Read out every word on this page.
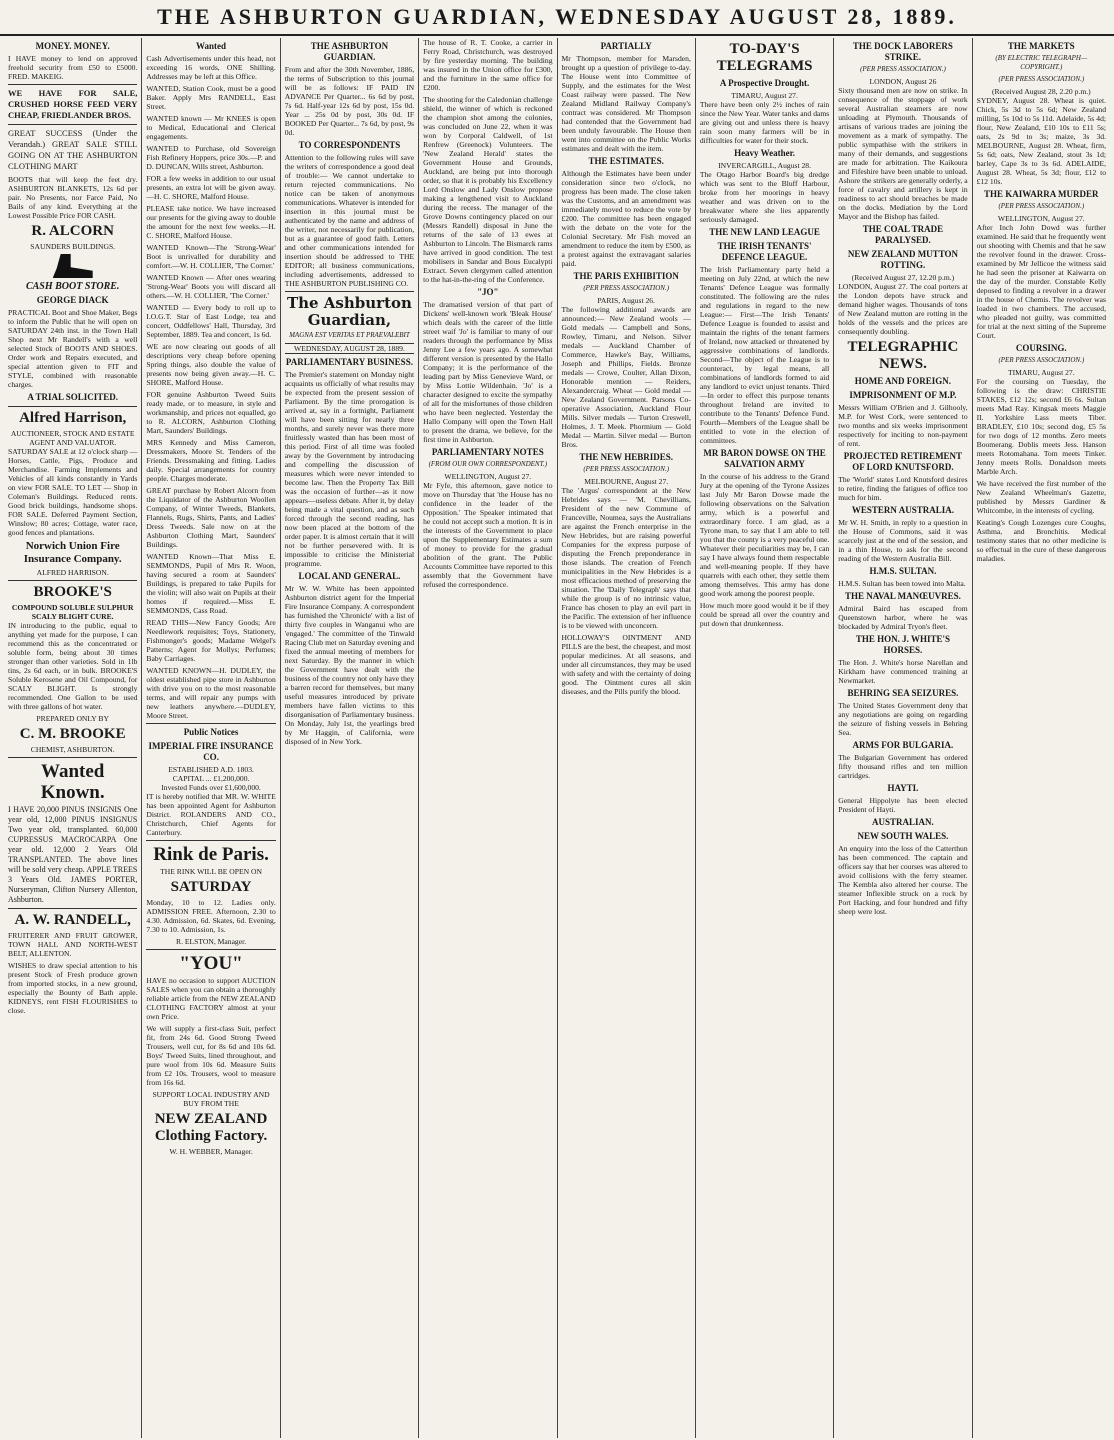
THE ASHBURTON GUARDIAN, WEDNESDAY AUGUST 28, 1889.
MONEY. MONEY.

I HAVE money to lend on approved freehold security from £50 to £5000. FRED. MAKEIG.

WE HAVE FOR SALE, CRUSHED HORSE FEED VERY CHEAP, FRIEDLANDER BROS.

GREAT SUCCESS (Under the Verandah.) GREAT SALE STILL GOING ON AT THE ASHBURTON CLOTHING MART

BOOTS that will keep the feet dry. ASHBURTON BLANKETS, 12s 6d per pair. No Presents, nor Farce Paid, No Bails of any kind. Everything at the Lowest Possible Price FOR CASH.

R. ALCORN
SAUNDERS BUILDINGS.
CASH BOOT STORE.
GEORGE DIACK

PRACTICAL Boot and Shoe Maker, Begs to inform the Public that he will open on SATURDAY 24th inst. in the Town Hall Shop next Mr Randell's with a well selected Stock of BOOTS AND SHOES. Order work and Repairs executed, and special attention given to FIT and STYLE, combined with reasonable charges.

A TRIAL SOLICITED.
Alfred Harrison,
AUCTIONEER, STOCK AND ESTATE AGENT AND VALUATOR.

SATURDAY SALE at 12 o'clock sharp — Horses, Cattle, Pigs, Produce and Merchandise. Farming Implements and Vehicles of all kinds constantly in Yards on view FOR SALE. TO LET — Shop in Coleman's Buildings. Reduced rents. Good brick buildings, handsome shops. FOR SALE. Deferred Payment Section, Winslow; 80 acres; Cottage, water race, good fences and plantations.

Norwich Union Fire Insurance Company.
ALFRED HARRISON.
BROOKE'S
COMPOUND SOLUBLE SULPHUR SCALY BLIGHT CURE.

IN introducing to the public, equal to anything yet made for the purpose, I can recommend this as the concentrated or soluble form, being about 30 times stronger than other varieties. Sold in 1lb tins, 2s 6d each, or in bulk. BROOKE'S Soluble Kerosene and Oil Compound, for SCALY BLIGHT. Is strongly recommended. One Gallon to be used with three gallons of hot water.

PREPARED ONLY BY
C. M. BROOKE
CHEMIST, ASHBURTON.
Wanted Known.

I HAVE 20,000 PINUS INSIGNIS One year old, 12,000 PINUS INSIGNUS Two year old, transplanted. 60,000 CUPRESSUS MACROCARPA One year old. 12,000 2 Years Old TRANSPLANTED. The above lines will be sold very cheap. APPLE TREES 3 Years Old. JAMES PORTER, Nurseryman, Clifton Nursery Allenton, Ashburton.

A. W. RANDELL,

FRUITERER AND FRUIT GROWER, TOWN HALL AND NORTH-WEST BELT, ALLENTON.

WISHES to draw special attention to his present Stock of Fresh produce grown from imported stocks, in a new ground, especially the Bounty of Bath apple. KIDNEYS, rent FISH FLOURISHES to close.

Wanted

Cash Advertisements under this head, not exceeding 16 words, ONE Shilling. Addresses may be left at this Office.

WANTED, Station Cook, must be a good Baker. Apply Mrs RANDELL, East Street.

WANTED known — Mr KNEES is open to Medical, Educational and Clerical engagements.

WANTED to Purchase, old Sovereign Fish Refinery Hoppers, price 30s.—P. and D. DUNCAN, Wills street, Ashburton.

FOR a few weeks in addition to our usual presents, an extra lot will be given away.—H. C. SHORE, Malford House.

PLEASE take notice. We have increased our presents for the giving away to double the amount for the next few weeks.—H. C. SHORE, Malford House.

WANTED Known—The 'Strong-Wear' Boot is unrivalled for durability and comfort.—W. H. COLLIER, 'The Corner.'

WANTED Known — After ones wearing 'Strong-Wear' Boots you will discard all others.—W. H. COLLIER, 'The Corner.'

WANTED — Every body to roll up to I.O.G.T. Star of East Lodge, tea and concert, Oddfellows' Hall, Thursday, 3rd September, 1889. Tea and concert, 1s 6d.

WE are now clearing out goods of all descriptions very cheap before opening Spring things, also double the value of presents now being given away.—H. C. SHORE, Malford House.

FOR genuine Ashburton Tweed Suits ready made, or to measure, in style and workmanship, and prices not equalled, go to R. ALCORN, Ashburton Clothing Mart, Saunders' Buildings.

MRS Kennedy and Miss Cameron, Dressmakers, Moore St. Tenders of the Friends. Dressmaking and fitting. Ladies daily. Special arrangements for country people. Charges moderate.

GREAT purchase by Robert Alcorn from the Liquidator of the Ashburton Woollen Company, of Winter Tweeds, Blankets, Flannels, Rugs, Shirts, Pants, and Ladies' Dress Tweeds. Sale now on at the Ashburton Clothing Mart, Saunders' Buildings.

WANTED Known—That Miss E. SEMMONDS, Pupil of Mrs R. Woon, having secured a room at Saunders' Buildings, is prepared to take Pupils for the violin; will also wait on Pupils at their homes if required.—Miss E. SEMMONDS, Cass Road.

READ THIS—New Fancy Goods; Are Needlework requisites; Toys, Stationery, Fishmonger's goods; Madame Welgel's Patterns; Agent for Mollys; Perfumes; Baby Carriages.

WANTED KNOWN—H. DUDLEY, the oldest established pipe store in Ashburton with drive you on to the most reasonable terms, and will repair any pumps with new leathers anywhere.—DUDLEY, Moore Street.

Public Notices
IMPERIAL FIRE INSURANCE CO.
ESTABLISHED A.D. 1803.
CAPITAL ... £1,200,000.
Invested Funds over £1,600,000.

IT is hereby notified that MR. W. WHITE has been appointed Agent for Ashburton District. ROLANDERS AND CO., Christchurch, Chief Agents for Canterbury.

Rink de Paris.
THE RINK WILL BE OPEN ON
SATURDAY

Monday, 10 to 12. Ladies only. ADMISSION FREE. Afternoon, 2.30 to 4.30. Admission, 6d. Skates, 6d. Evening, 7.30 to 10. Admission, 1s.

R. ELSTON, Manager.
"YOU"

HAVE no occasion to support AUCTION SALES when you can obtain a thoroughly reliable article from the NEW ZEALAND CLOTHING FACTORY almost at your own Price.

We will supply a first-class Suit, perfect fit, from 24s 6d. Good Strong Tweed Trousers, well cut, for 8s 6d and 10s 6d. Boys' Tweed Suits, lined throughout, and pure wool from 10s 6d. Measure Suits from £2 10s. Trousers, wool to measure from 16s 6d.

SUPPORT LOCAL INDUSTRY AND BUY FROM THE
NEW ZEALAND Clothing Factory.
W. H. WEBBER, Manager.
THE ASHBURTON GUARDIAN.

From and after the 30th November, 1886, the terms of Subscription to this journal will be as follows: IF PAID IN ADVANCE Per Quarter... 6s 6d by post, 7s 6d. Half-year 12s 6d by post, 15s 0d. Year ... 25s 0d by post, 30s 0d. IF BOOKED Per Quarter... 7s 6d, by post, 9s 0d.

TO CORRESPONDENTS

Attention to the following rules will save the writers of correspondence a good deal of trouble:— We cannot undertake to return rejected communications. No notice can be taken of anonymous communications. Whatever is intended for insertion in this journal must be authenticated by the name and address of the writer, not necessarily for publication, but as a guarantee of good faith. Letters and other communications intended for insertion should be addressed to THE EDITOR; all business communications, including advertisements, addressed to THE ASHBURTON PUBLISHING CO.

The Ashburton Guardian,
MAGNA EST VERITAS ET PRAEVALEBIT
WEDNESDAY, AUGUST 28, 1889.
PARLIAMENTARY BUSINESS.

The Premier's statement on Monday night acquaints us officially of what results may be expected from the present session of Parliament. By the time prorogation is arrived at, say in a fortnight, Parliament will have been sitting for nearly three months, and surely never was there more fruitlessly wasted than has been most of this period. First of all time was fooled away by the Government by introducing and compelling the discussion of measures which were never intended to become law. Then the Property Tax Bill was the occasion of further—as it now appears—useless debate. After it, by delay being made a vital question, and as such forced through the second reading, has now been placed at the bottom of the order paper. It is almost certain that it will not be further persevered with. It is impossible to criticise the Ministerial programme.

LOCAL AND GENERAL.

Mr W. W. White has been appointed Ashburton district agent for the Imperial Fire Insurance Company. A correspondent has furnished the 'Chronicle' with a list of thirty five couples in Wanganui who are 'engaged.' The committee of the Tinwald Racing Club met on Saturday evening and fixed the annual meeting of members for next Saturday. By the manner in which the Government have dealt with the business of the country not only have they a barren record for themselves, but many useful measures introduced by private members have fallen victims to this disorganisation of Parliamentary business. On Monday, July 1st, the yearlings bred by Mr Haggin, of California, were disposed of in New York.

The house of R. T. Cooke, a carrier in Ferry Road, Christchurch, was destroyed by fire yesterday morning. The building was insured in the Union office for £300, and the furniture in the same office for £200.

The shooting for the Caledonian challenge shield, the winner of which is reckoned the champion shot among the colonies, was concluded on June 22, when it was won by Corporal Caldwell, of 1st Renfrew (Greenock) Volunteers. The 'New Zealand Herald' states the Government House and Grounds, Auckland, are being put into thorough order, so that it is probably his Excellency Lord Onslow and Lady Onslow propose making a lengthened visit to Auckland during the recess. The manager of the Grove Downs contingency placed on our (Messrs Randell) disposal in June the returns of the sale of 13 ewes at Ashburton to Lincoln. The Bismarck rams have arrived in good condition. The test mobilisers in Sandar and Bous Eucalypti Extract. Seven clergymen called attention to the hat-in-the-ring of the Conference.

"JO"

The dramatised version of that part of Dickens' well-known work 'Bleak House' which deals with the career of the little street waif 'Jo' is familiar to many of our readers through the performance by Miss Jenny Lee a few years ago. A somewhat different version is presented by the Hallo Company; it is the performance of the leading part by Miss Genevieve Ward, or by Miss Lottie Wildenhain. 'Jo' is a character designed to excite the sympathy of all for the misfortunes of those children who have been neglected. Yesterday the Hallo Company will open the Town Hall to present the drama, we believe, for the first time in Ashburton.

PARLIAMENTARY NOTES
(FROM OUR OWN CORRESPONDENT.)
WELLINGTON, August 27.

Mr Fyfe, this afternoon, gave notice to move on Thursday that 'the House has no confidence in the leader of the Opposition.' The Speaker intimated that he could not accept such a motion. It is in the interests of the Government to place upon the Supplementary Estimates a sum of money to provide for the gradual abolition of the grant. The Public Accounts Committee have reported to this assembly that the Government have refused the correspondence.

PARTIALLY

Mr Thompson, member for Marsden, brought up a question of privilege to-day. The House went into Committee of Supply, and the estimates for the West Coast railway were passed. The New Zealand Midland Railway Company's contract was considered. Mr Thompson had contended that the Government had been unduly favourable. The House then went into committee on the Public Works estimates and dealt with the item.

THE ESTIMATES.

Although the Estimates have been under consideration since two o'clock, no progress has been made. The close taken was the Customs, and an amendment was immediately moved to reduce the vote by £200. The committee has been engaged with the debate on the vote for the Colonial Secretary. Mr Fish moved an amendment to reduce the item by £500, as a protest against the extravagant salaries paid.

THE PARIS EXHIBITION
(PER PRESS ASSOCIATION.)
PARIS, August 26.

The following additional awards are announced:— New Zealand wools — Gold medals — Campbell and Sons, Rowley, Timaru, and Nelson. Silver medals — Auckland Chamber of Commerce, Hawke's Bay, Williams, Joseph and Phillips, Fields. Bronze medals — Crowe, Coulter, Allan Dixon, Honorable mention — Reiders, Alexandercraig. Wheat — Gold medal — New Zealand Government. Parsons Co-operative Association, Auckland Flour Mills. Silver medals — Turton Creswell, Holmes, J. T. Meek. Phormium — Gold Medal — Martin. Silver medal — Burton Bros.

THE NEW HEBRIDES.
(PER PRESS ASSOCIATION.)
MELBOURNE, August 27.

The 'Argus' correspondent at the New Hebrides says — 'M. Chevillians, President of the new Commune of Franceville, Noumea, says the Australians are against the French enterprise in the New Hebrides, but are raising powerful Companies for the express purpose of disputing the French preponderance in those islands. The creation of French municipalities in the New Hebrides is a most efficacious method of preserving the situation. The 'Daily Telegraph' says that while the group is of no intrinsic value, France has chosen to play an evil part in the Pacific. The extension of her influence is to be viewed with unconcern.

HOLLOWAY'S OINTMENT AND PILLS are the best, the cheapest, and most popular medicines. At all seasons, and under all circumstances, they may be used with safety and with the certainty of doing good. The Ointment cures all skin diseases, and the Pills purify the blood.

TO-DAY'S TELEGRAMS
A Prospective Drought.
TIMARU, August 27.

There have been only 2½ inches of rain since the New Year. Water tanks and dams are giving out and unless there is heavy rain soon many farmers will be in difficulties for water for their stock.

Heavy Weather.
INVERCARGILL, August 28.

The Otago Harbor Board's big dredge which was sent to the Bluff Harbour, broke from her moorings in heavy weather and was driven on to the breakwater where she lies apparently seriously damaged.

THE NEW LAND LEAGUE
THE IRISH TENANTS' DEFENCE LEAGUE.

The Irish Parliamentary party held a meeting on July 22nd, at which the new Tenants' Defence League was formally constituted. The following are the rules and regulations in regard to the new League:— First—The Irish Tenants' Defence League is founded to assist and maintain the rights of the tenant farmers of Ireland, now attacked or threatened by aggressive combinations of landlords. Second—The object of the League is to counteract, by legal means, all combinations of landlords formed to aid any landlord to evict unjust tenants. Third—In order to effect this purpose tenants throughout Ireland are invited to contribute to the Tenants' Defence Fund. Fourth—Members of the League shall be entitled to vote in the election of committees.

MR BARON DOWSE ON THE SALVATION ARMY

In the course of his address to the Grand Jury at the opening of the Tyrone Assizes last July Mr Baron Dowse made the following observations on the Salvation army, which is a powerful and extraordinary force. I am glad, as a Tyrone man, to say that I am able to tell you that the county is a very peaceful one. Whatever their peculiarities may be, I can say I have always found them respectable and well-meaning people. If they have quarrels with each other, they settle them among themselves. This army has done good work among the poorest people.

How much more good would it be if they could be spread all over the country and put down that drunkenness.

THE DOCK LABORERS STRIKE.
(PER PRESS ASSOCIATION.)
LONDON, August 26

Sixty thousand men are now on strike. In consequence of the stoppage of work several Australian steamers are now unloading at Plymouth. Thousands of artisans of various trades are joining the movement as a mark of sympathy. The public sympathise with the strikers in many of their demands, and suggestions are made for arbitration. The Kaikoura and Fifeshire have been unable to unload. Ashore the strikers are generally orderly, a force of cavalry and artillery is kept in readiness to act should breaches be made on the docks. Mediation by the Lord Mayor and the Bishop has failed.

THE COAL TRADE PARALYSED.
NEW ZEALAND MUTTON ROTTING.
(Received August 27, 12.20 p.m.)

LONDON, August 27. The coal porters at the London depots have struck and demand higher wages. Thousands of tons of New Zealand mutton are rotting in the holds of the vessels and the prices are consequently doubling.

TELEGRAPHIC NEWS.
HOME AND FOREIGN.
IMPRISONMENT OF M.P.

Messrs William O'Brien and J. Gilhooly, M.P. for West Cork, were sentenced to two months and six weeks imprisonment respectively for inciting to non-payment of rent.

PROJECTED RETIREMENT OF LORD KNUTSFORD.

The 'World' states Lord Knutsford desires to retire, finding the fatigues of office too much for him.

WESTERN AUSTRALIA.

Mr W. H. Smith, in reply to a question in the House of Commons, said it was scarcely just at the end of the session, and in a thin House, to ask for the second reading of the Western Australia Bill.

H.M.S. SULTAN.

H.M.S. Sultan has been towed into Malta.

THE NAVAL MANŒUVRES.

Admiral Baird has escaped from Queenstown harbor, where he was blockaded by Admiral Tryon's fleet.

THE HON. J. WHITE'S HORSES.

The Hon. J. White's horse Narellan and Kirkham have commenced training at Newmarket.

BEHRING SEA SEIZURES.

The United States Government deny that any negotiations are going on regarding the seizure of fishing vessels in Behring Sea.

ARMS FOR BULGARIA.

The Bulgarian Government has ordered fifty thousand rifles and ten million cartridges.

HAYTI.

General Hippolyte has been elected President of Hayti.

AUSTRALIAN.
NEW SOUTH WALES.

An enquiry into the loss of the Catterthun has been commenced. The captain and officers say that her courses was altered to avoid collisions with the ferry steamer. The Kembla also altered her course. The steamer Inflexible struck on a rock by Port Hacking, and four hundred and fifty sheep were lost.

THE MARKETS
(BY ELECTRIC TELEGRAPH—COPYRIGHT.)
(PER PRESS ASSOCIATION.)
(Received August 28, 2.20 p.m.)

SYDNEY, August 28. Wheat is quiet. Chick, 5s 3d to 5s 6d; New Zealand milling, 5s 10d to 5s 11d. Adelaide, 5s 4d; flour, New Zealand, £10 10s to £11 5s; oats, 2s 9d to 3s; maize, 3s 3d. MELBOURNE, August 28. Wheat, firm, 5s 6d; oats, New Zealand, stout 3s 1d; barley, Cape 3s to 3s 6d. ADELAIDE, August 28. Wheat, 5s 3d; flour, £12 to £12 10s.

THE KAIWARRA MURDER
(PER PRESS ASSOCIATION.)
WELLINGTON, August 27.

After Inch John Dowd was further examined. He said that he frequently went out shooting with Chemis and that he saw the revolver found in the drawer. Cross-examined by Mr Jellicoe the witness said he had seen the prisoner at Kaiwarra on the day of the murder. Constable Kelly deposed to finding a revolver in a drawer in the house of Chemis. The revolver was loaded in two chambers. The accused, who pleaded not guilty, was committed for trial at the next sitting of the Supreme Court.

COURSING.
(PER PRESS ASSOCIATION.)
TIMARU, August 27.

For the coursing on Tuesday, the following is the draw: CHRISTIE STAKES, £12 12s; second £6 6s. Sultan meets Mad Ray. Kingsak meets Maggie II. Yorkshire Lass meets Tiber. BRADLEY, £10 10s; second dog, £5 5s for two dogs of 12 months. Zero meets Boomerang. Doblis meets Jess. Hanson meets Rotomahana. Tom meets Tinker. Jenny meets Rolls. Donaldson meets Marble Arch.

We have received the first number of the New Zealand Wheelman's Gazette, published by Messrs Gardiner & Whitcombe, in the interests of cycling.

Keating's Cough Lozenges cure Coughs, Asthma, and Bronchitis. Medical testimony states that no other medicine is so effectual in the cure of these dangerous maladies.
